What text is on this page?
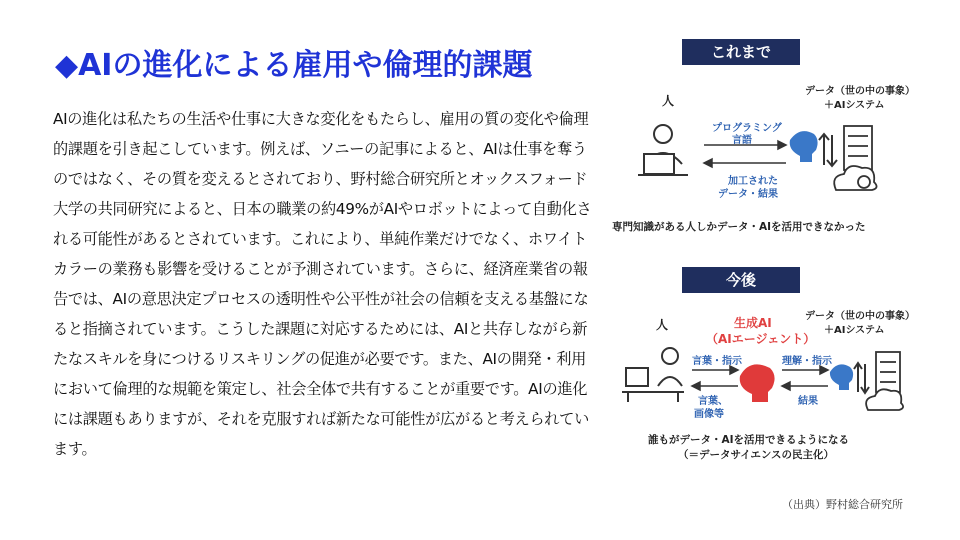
◆AIの進化による雇用や倫理的課題
AIの進化は私たちの生活や仕事に大きな変化をもたらし、雇用の質の変化や倫理的課題を引き起こしています。例えば、ソニーの記事によると、AIは仕事を奪うのではなく、その質を変えるとされており、野村総合研究所とオックスフォード大学の共同研究によると、日本の職業の約49%がAIやロボットによって自動化される可能性があるとされています。これにより、単純作業だけでなく、ホワイトカラーの業務も影響を受けることが予測されています。さらに、経済産業省の報告では、AIの意思決定プロセスの透明性や公平性が社会の信頼を支える基盤になると指摘されています。こうした課題に対応するためには、AIと共存しながら新たなスキルを身につけるリスキリングの促進が必要です。また、AIの開発・利用において倫理的な規範を策定し、社会全体で共有することが重要です。AIの進化には課題もありますが、それを克服すれば新たな可能性が広がると考えられています。
これまで
人
データ（世の中の事象）
＋AIシステム
プログラミング
言語
加工された
データ・結果
専門知識がある人しかデータ・AIを活用できなかった
今後
人	生成AI
（AIエージェント）
データ（世の中の事象）
＋AIシステム
言葉・指示
言葉、
画像等
理解・指示
結果
誰もがデータ・AIを活用できるようになる
（＝データサイエンスの民主化）
（出典）野村総合研究所
